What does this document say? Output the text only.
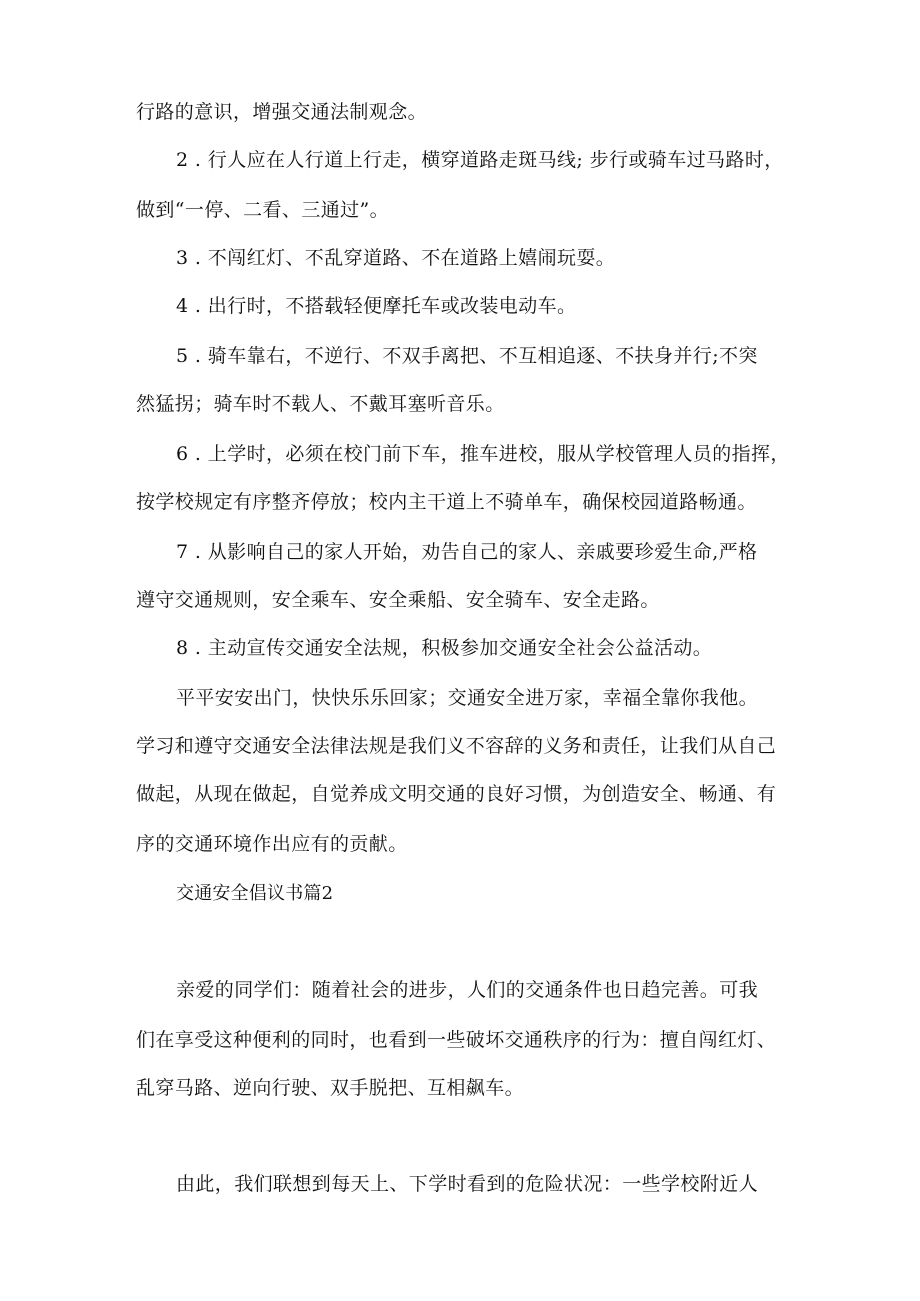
行路的意识，增强交通法制观念。
2 . 行人应在人行道上行走，横穿道路走斑马线; 步行或骑车过马路时，
做到“一停、二看、三通过”。
3 . 不闯红灯、不乱穿道路、不在道路上嬉闹玩耍。
4 . 出行时，不搭载轻便摩托车或改装电动车。
5 . 骑车靠右，不逆行、不双手离把、不互相追逐、不扶身并行;不突
然猛拐；骑车时不载人、不戴耳塞听音乐。
6 . 上学时，必须在校门前下车，推车进校，服从学校管理人员的指挥，
按学校规定有序整齐停放；校内主干道上不骑单车，确保校园道路畅通。
7 . 从影响自己的家人开始，劝告自己的家人、亲戚要珍爱生命,严格
遵守交通规则，安全乘车、安全乘船、安全骑车、安全走路。
8 . 主动宣传交通安全法规，积极参加交通安全社会公益活动。
平平安安出门，快快乐乐回家；交通安全进万家，幸福全靠你我他。
学习和遵守交通安全法律法规是我们义不容辞的义务和责任，让我们从自己
做起，从现在做起，自觉养成文明交通的良好习惯，为创造安全、畅通、有
序的交通环境作出应有的贡献。
交通安全倡议书篇2
亲爱的同学们：随着社会的进步，人们的交通条件也日趋完善。可我
们在享受这种便利的同时，也看到一些破坏交通秩序的行为：擅自闯红灯、
乱穿马路、逆向行驶、双手脱把、互相飙车。
由此，我们联想到每天上、下学时看到的危险状况：一些学校附近人
